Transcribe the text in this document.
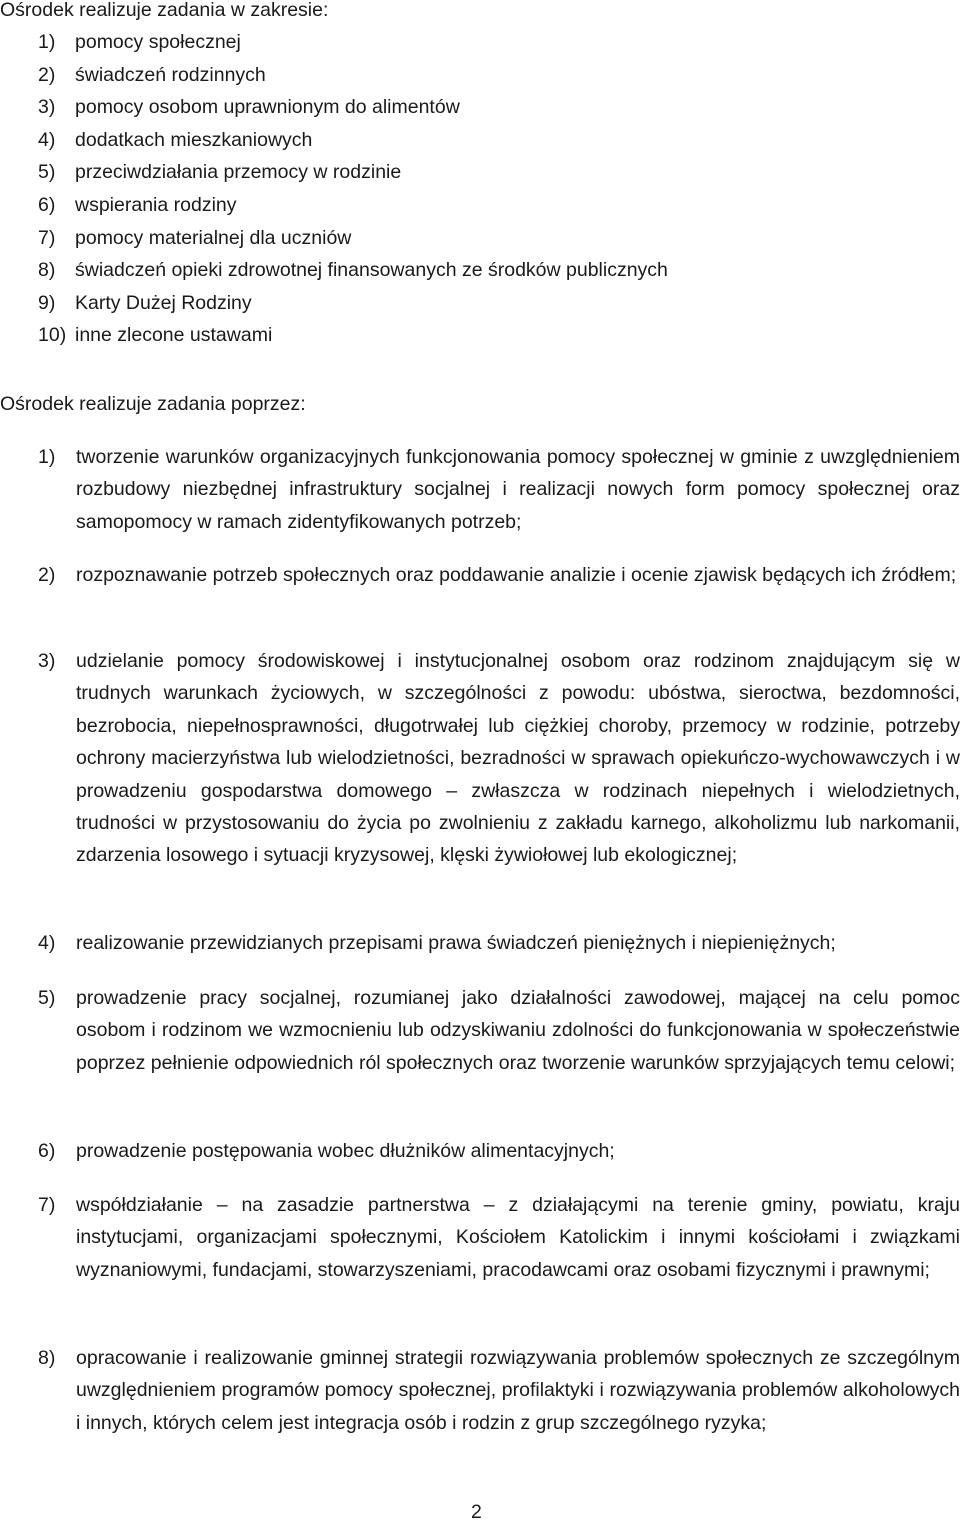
Ośrodek realizuje zadania w zakresie:

1) pomocy społecznej
2) świadczeń rodzinnych
3) pomocy osobom uprawnionym do alimentów
4) dodatkach mieszkaniowych
5) przeciwdziałania przemocy w rodzinie
6) wspierania rodziny
7) pomocy materialnej dla uczniów
8) świadczeń opieki zdrowotnej finansowanych ze środków publicznych
9) Karty Dużej Rodziny
10) inne zlecone ustawami

Ośrodek realizuje zadania poprzez:

1) tworzenie warunków organizacyjnych funkcjonowania pomocy społecznej w gminie z uwzględnieniem rozbudowy niezbędnej infrastruktury socjalnej i realizacji nowych form pomocy społecznej oraz samopomocy w ramach zidentyfikowanych potrzeb;

2) rozpoznawanie potrzeb społecznych oraz poddawanie analizie i ocenie zjawisk będących ich źródłem;

3) udzielanie pomocy środowiskowej i instytucjonalnej osobom oraz rodzinom znajdującym się w trudnych warunkach życiowych, w szczególności z powodu: ubóstwa, sieroctwa, bezdomności, bezrobocia, niepełnosprawności, długotrwałej lub ciężkiej choroby, przemocy w rodzinie, potrzeby ochrony macierzyństwa lub wielodzietności, bezradności w sprawach opiekuńczo-wychowawczych i w prowadzeniu gospodarstwa domowego – zwłaszcza w rodzinach niepełnych i wielodzietnych, trudności w przystosowaniu do życia po zwolnieniu z zakładu karnego, alkoholizmu lub narkomanii, zdarzenia losowego i sytuacji kryzysowej, klęski żywiołowej lub ekologicznej;

4) realizowanie przewidzianych przepisami prawa świadczeń pieniężnych i niepieniężnych;

5) prowadzenie pracy socjalnej, rozumianej jako działalności zawodowej, mającej na celu pomoc osobom i rodzinom we wzmocnieniu lub odzyskiwaniu zdolności do funkcjonowania w społeczeństwie poprzez pełnienie odpowiednich ról społecznych oraz tworzenie warunków sprzyjających temu celowi;

6) prowadzenie postępowania wobec dłużników alimentacyjnych;

7) współdziałanie – na zasadzie partnerstwa – z działającymi na terenie gminy, powiatu, kraju instytucjami, organizacjami społecznymi, Kościołem Katolickim i innymi kościołami i związkami wyznaniowymi, fundacjami, stowarzyszeniami, pracodawcami oraz osobami fizycznymi i prawnymi;

8) opracowanie i realizowanie gminnej strategii rozwiązywania problemów społecznych ze szczególnym uwzględnieniem programów pomocy społecznej, profilaktyki i rozwiązywania problemów alkoholowych i innych, których celem jest integracja osób i rodzin z grup szczególnego ryzyka;

2
